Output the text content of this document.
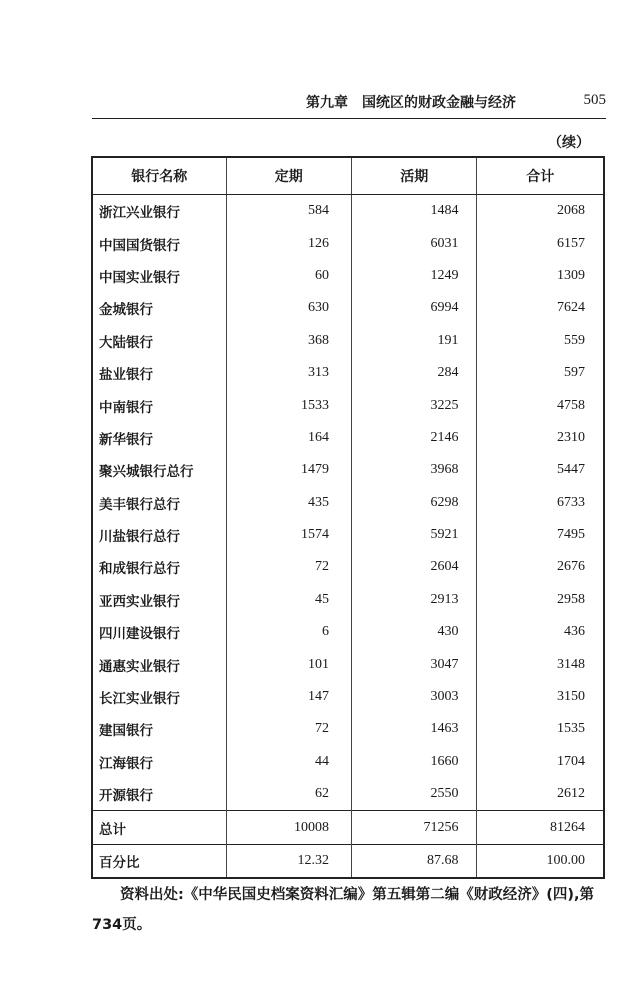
第九章　国统区的财政金融与经济	505
（续）
银行名称	定期	活期	合计
浙江兴业银行	584	1484	2068
中国国货银行	126	6031	6157
中国实业银行	60	1249	1309
金城银行	630	6994	7624
大陆银行	368	191	559
盐业银行	313	284	597
中南银行	1533	3225	4758
新华银行	164	2146	2310
聚兴城银行总行	1479	3968	5447
美丰银行总行	435	6298	6733
川盐银行总行	1574	5921	7495
和成银行总行	72	2604	2676
亚西实业银行	45	2913	2958
四川建设银行	6	430	436
通惠实业银行	101	3047	3148
长江实业银行	147	3003	3150
建国银行	72	1463	1535
江海银行	44	1660	1704
开源银行	62	2550	2612
总计	10008	71256	81264
百分比	12.32	87.68	100.00

资料出处:《中华民国史档案资料汇编》第五辑第二编《财政经济》(四),第734页。
